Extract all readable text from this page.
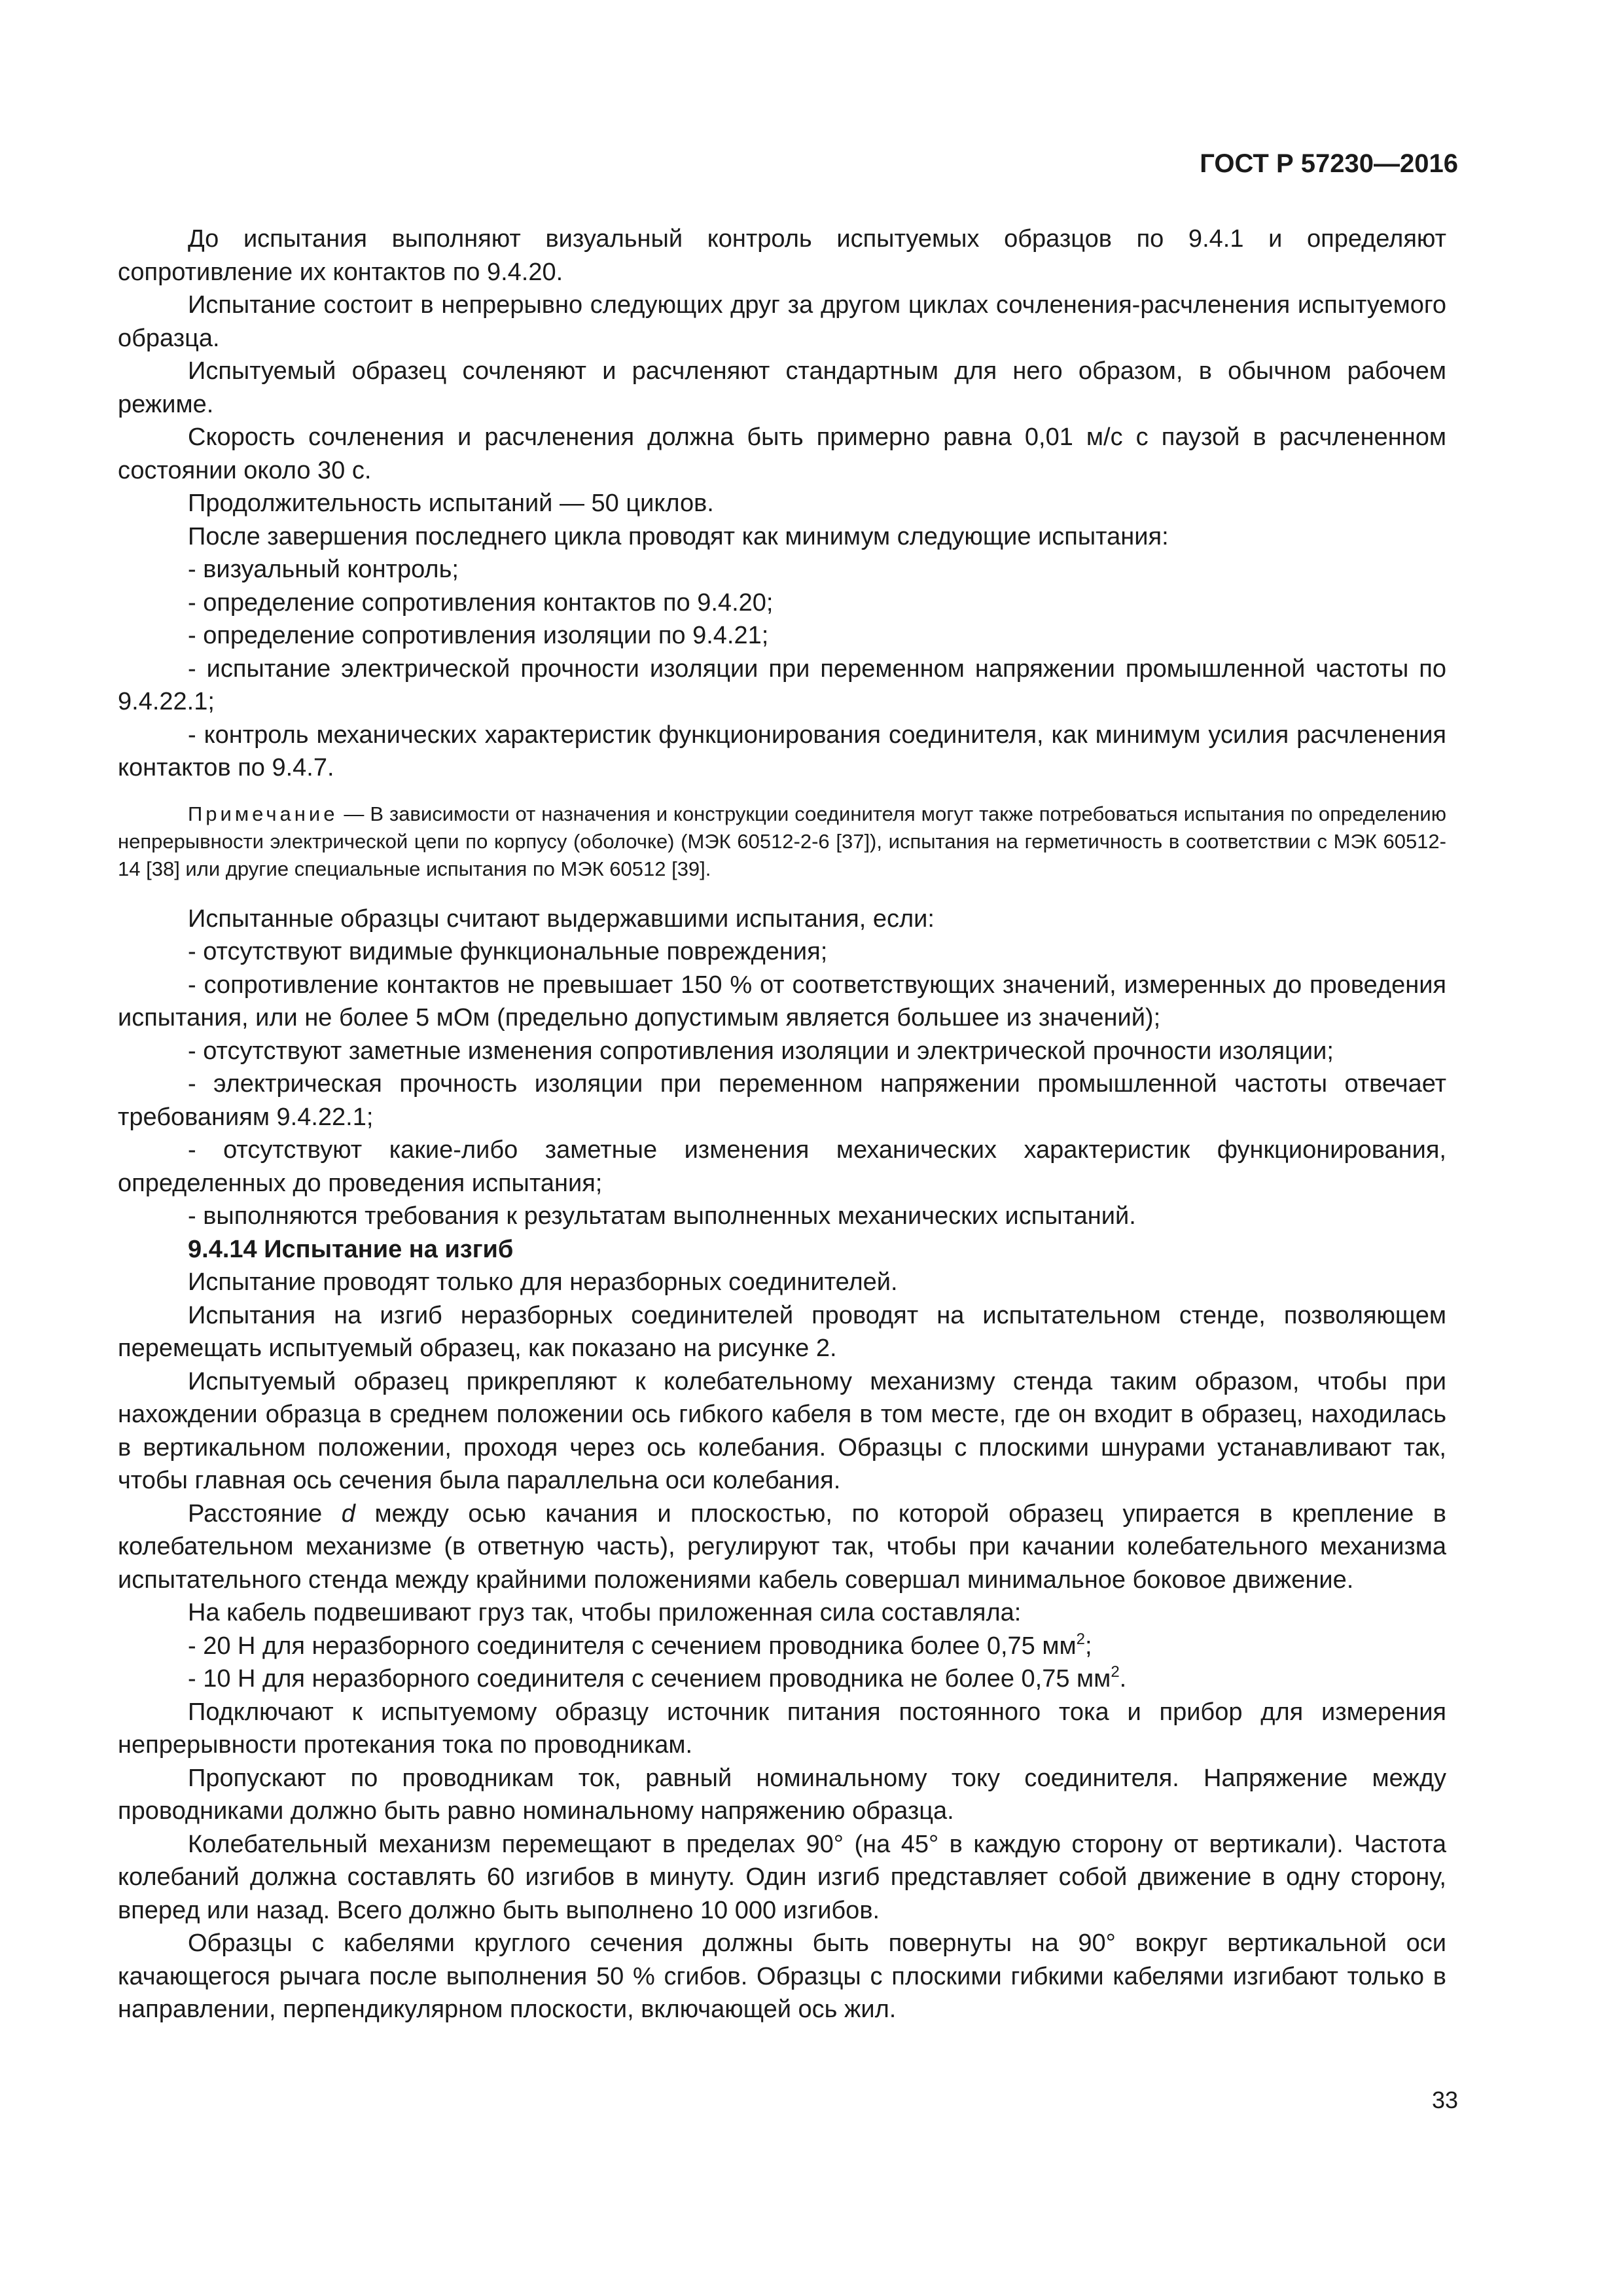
ГОСТ Р 57230—2016

До испытания выполняют визуальный контроль испытуемых образцов по 9.4.1 и определяют сопротивление их контактов по 9.4.20.

Испытание состоит в непрерывно следующих друг за другом циклах сочленения-расчленения испытуемого образца.

Испытуемый образец сочленяют и расчленяют стандартным для него образом, в обычном рабочем режиме.

Скорость сочленения и расчленения должна быть примерно равна 0,01 м/с с паузой в расчлененном состоянии около 30 с.

Продолжительность испытаний — 50 циклов.

После завершения последнего цикла проводят как минимум следующие испытания:

- визуальный контроль;

- определение сопротивления контактов по 9.4.20;

- определение сопротивления изоляции по 9.4.21;

- испытание электрической прочности изоляции при переменном напряжении промышленной частоты по 9.4.22.1;

- контроль механических характеристик функционирования соединителя, как минимум усилия расчленения контактов по 9.4.7.

Примечание — В зависимости от назначения и конструкции соединителя могут также потребоваться испытания по определению непрерывности электрической цепи по корпусу (оболочке) (МЭК 60512-2-6 [37]), испытания на герметичность в соответствии с МЭК 60512-14 [38] или другие специальные испытания по МЭК 60512 [39].

Испытанные образцы считают выдержавшими испытания, если:

- отсутствуют видимые функциональные повреждения;

- сопротивление контактов не превышает 150 % от соответствующих значений, измеренных до проведения испытания, или не более 5 мОм (предельно допустимым является большее из значений);

- отсутствуют заметные изменения сопротивления изоляции и электрической прочности изоляции;

- электрическая прочность изоляции при переменном напряжении промышленной частоты отвечает требованиям 9.4.22.1;

- отсутствуют какие-либо заметные изменения механических характеристик функционирования, определенных до проведения испытания;

- выполняются требования к результатам выполненных механических испытаний.

9.4.14 Испытание на изгиб

Испытание проводят только для неразборных соединителей.

Испытания на изгиб неразборных соединителей проводят на испытательном стенде, позволяющем перемещать испытуемый образец, как показано на рисунке 2.

Испытуемый образец прикрепляют к колебательному механизму стенда таким образом, чтобы при нахождении образца в среднем положении ось гибкого кабеля в том месте, где он входит в образец, находилась в вертикальном положении, проходя через ось колебания. Образцы с плоскими шнурами устанавливают так, чтобы главная ось сечения была параллельна оси колебания.

Расстояние d между осью качания и плоскостью, по которой образец упирается в крепление в колебательном механизме (в ответную часть), регулируют так, чтобы при качании колебательного механизма испытательного стенда между крайними положениями кабель совершал минимальное боковое движение.

На кабель подвешивают груз так, чтобы приложенная сила составляла:

- 20 Н для неразборного соединителя с сечением проводника более 0,75 $мм^2$;

- 10 Н для неразборного соединителя с сечением проводника не более 0,75 $мм^2$.

Подключают к испытуемому образцу источник питания постоянного тока и прибор для измерения непрерывности протекания тока по проводникам.

Пропускают по проводникам ток, равный номинальному току соединителя. Напряжение между проводниками должно быть равно номинальному напряжению образца.

Колебательный механизм перемещают в пределах 90° (на 45° в каждую сторону от вертикали). Частота колебаний должна составлять 60 изгибов в минуту. Один изгиб представляет собой движение в одну сторону, вперед или назад. Всего должно быть выполнено 10 000 изгибов.

Образцы с кабелями круглого сечения должны быть повернуты на 90° вокруг вертикальной оси качающегося рычага после выполнения 50 % сгибов. Образцы с плоскими гибкими кабелями изгибают только в направлении, перпендикулярном плоскости, включающей ось жил.

33
